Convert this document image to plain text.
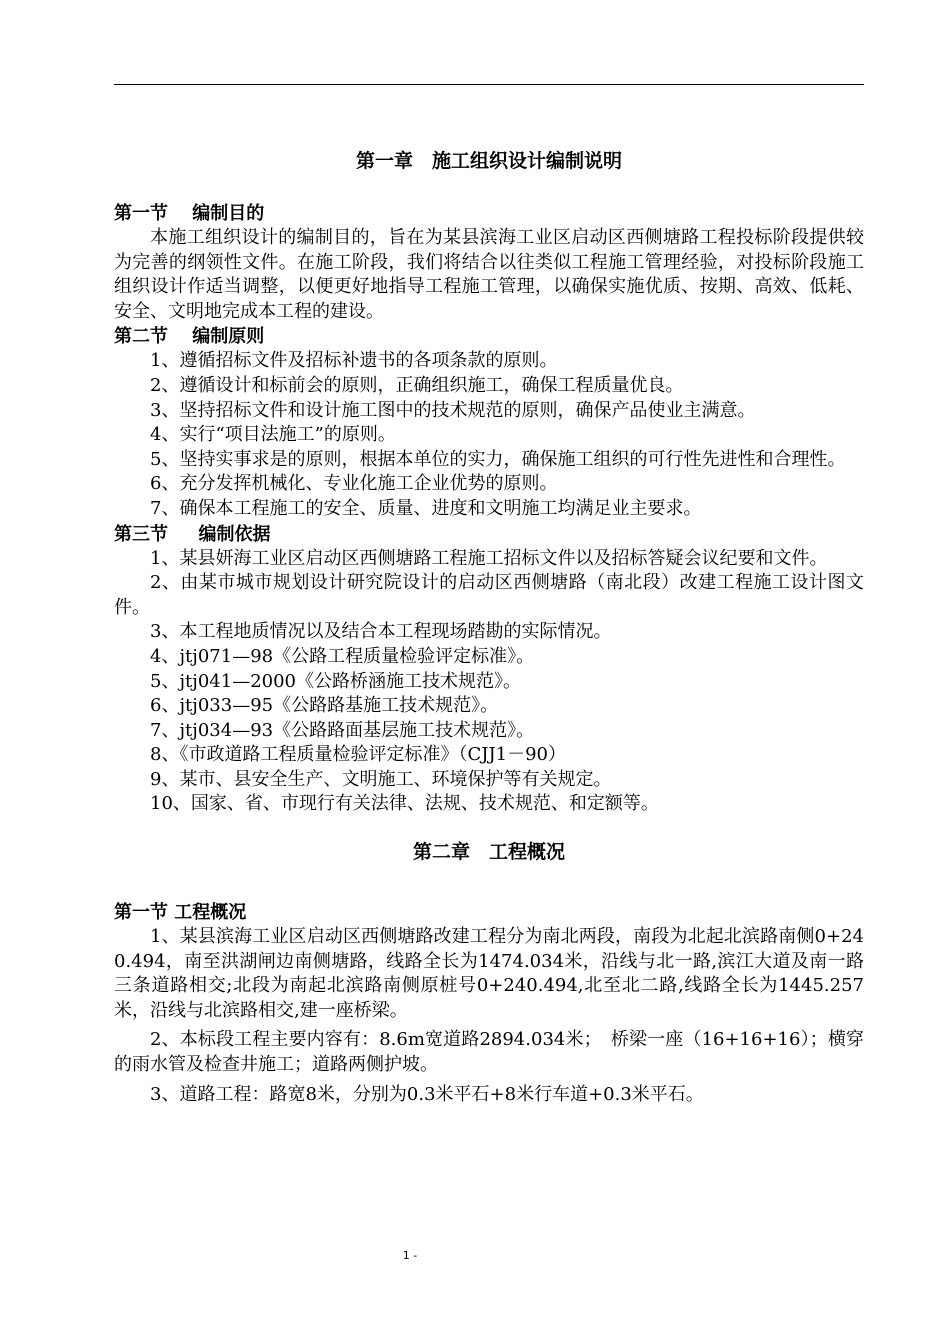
第一章　施工组织设计编制说明
第一节　 编制目的
本施工组织设计的编制目的，旨在为某县滨海工业区启动区西侧塘路工程投标阶段提供较为完善的纲领性文件。在施工阶段，我们将结合以往类似工程施工管理经验，对投标阶段施工组织设计作适当调整，以便更好地指导工程施工管理，以确保实施优质、按期、高效、低耗、安全、文明地完成本工程的建设。
第二节　 编制原则
1、遵循招标文件及招标补遗书的各项条款的原则。
2、遵循设计和标前会的原则，正确组织施工，确保工程质量优良。
3、坚持招标文件和设计施工图中的技术规范的原则，确保产品使业主满意。
4、实行“项目法施工”的原则。
5、坚持实事求是的原则，根据本单位的实力，确保施工组织的可行性先进性和合理性。
6、充分发挥机械化、专业化施工企业优势的原则。
7、确保本工程施工的安全、质量、进度和文明施工均满足业主要求。
第三节　  编制依据
1、某县妍海工业区启动区西侧塘路工程施工招标文件以及招标答疑会议纪要和文件。
2、由某市城市规划设计研究院设计的启动区西侧塘路（南北段）改建工程施工设计图文件。
3、本工程地质情况以及结合本工程现场踏勘的实际情况。
4、jtj071—98《公路工程质量检验评定标准》。
5、jtj041—2000《公路桥涵施工技术规范》。
6、jtj033—95《公路路基施工技术规范》。
7、jtj034—93《公路路面基层施工技术规范》。
8、《市政道路工程质量检验评定标准》（CJJ1－90）
9、某市、县安全生产、文明施工、环境保护等有关规定。
10、国家、省、市现行有关法律、法规、技术规范、和定额等。
第二章　工程概况
第一节 工程概况
1、某县滨海工业区启动区西侧塘路改建工程分为南北两段，南段为北起北滨路南侧0+240.494，南至洪湖闸边南侧塘路，线路全长为1474.034米，沿线与北一路,滨江大道及南一路三条道路相交;北段为南起北滨路南侧原桩号0+240.494,北至北二路,线路全长为1445.257米，沿线与北滨路相交,建一座桥梁。
2、本标段工程主要内容有：8.6m宽道路2894.034米；　桥梁一座（16+16+16）；横穿的雨水管及检查井施工；道路两侧护坡。
3、道路工程：路宽8米，分别为0.3米平石+8米行车道+0.3米平石。
1 -
